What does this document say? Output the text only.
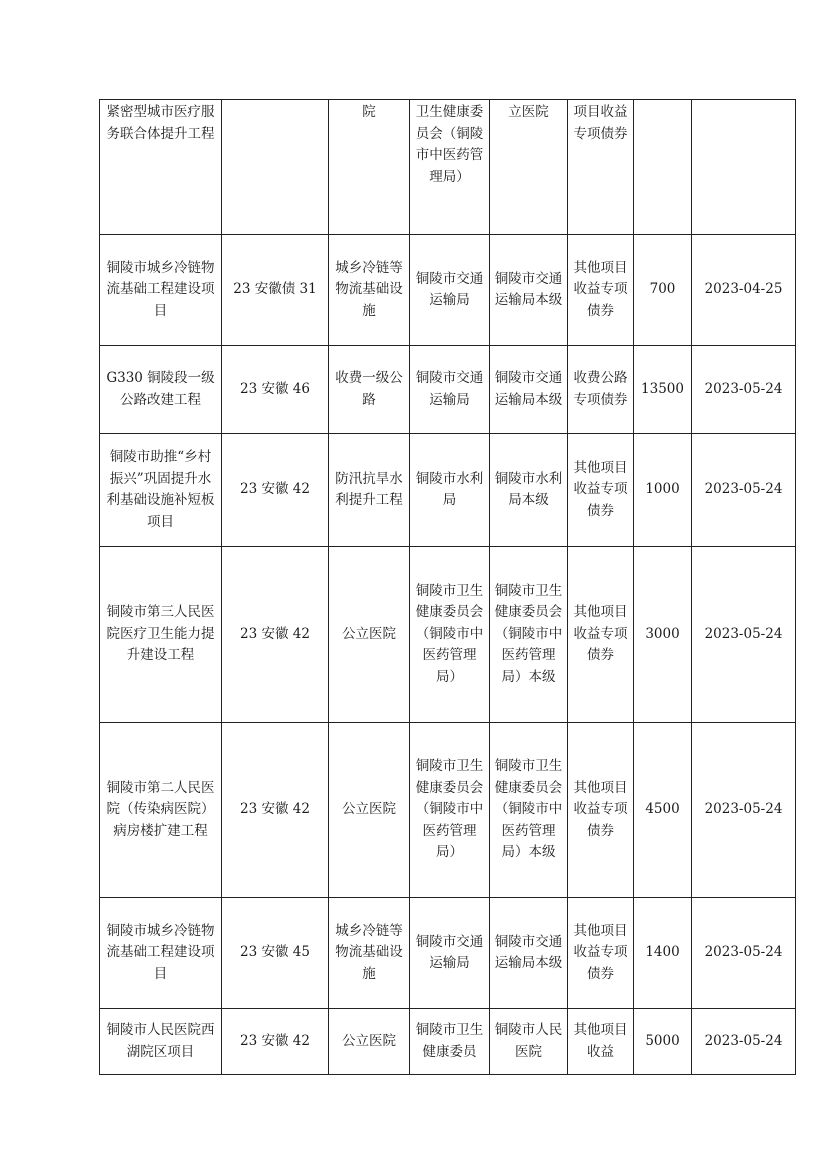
紧密型城市医疗服务联合体提升工程		院	卫生健康委员会（铜陵市中医药管理局）	立医院	项目收益专项债券		
铜陵市城乡冷链物流基础工程建设项目	23 安徽债 31	城乡冷链等物流基础设施	铜陵市交通运输局	铜陵市交通运输局本级	其他项目收益专项债券	700	2023-04-25
G330 铜陵段一级公路改建工程	23 安徽 46	收费一级公路	铜陵市交通运输局	铜陵市交通运输局本级	收费公路专项债券	13500	2023-05-24
铜陵市助推“乡村振兴”巩固提升水利基础设施补短板项目	23 安徽 42	防汛抗旱水利提升工程	铜陵市水利局	铜陵市水利局本级	其他项目收益专项债券	1000	2023-05-24
铜陵市第三人民医院医疗卫生能力提升建设工程	23 安徽 42	公立医院	铜陵市卫生健康委员会（铜陵市中医药管理局）	铜陵市卫生健康委员会（铜陵市中医药管理局）本级	其他项目收益专项债券	3000	2023-05-24
铜陵市第二人民医院（传染病医院）病房楼扩建工程	23 安徽 42	公立医院	铜陵市卫生健康委员会（铜陵市中医药管理局）	铜陵市卫生健康委员会（铜陵市中医药管理局）本级	其他项目收益专项债券	4500	2023-05-24
铜陵市城乡冷链物流基础工程建设项目	23 安徽 45	城乡冷链等物流基础设施	铜陵市交通运输局	铜陵市交通运输局本级	其他项目收益专项债券	1400	2023-05-24
铜陵市人民医院西湖院区项目	23 安徽 42	公立医院	铜陵市卫生健康委员	铜陵市人民医院	其他项目收益	5000	2023-05-24
